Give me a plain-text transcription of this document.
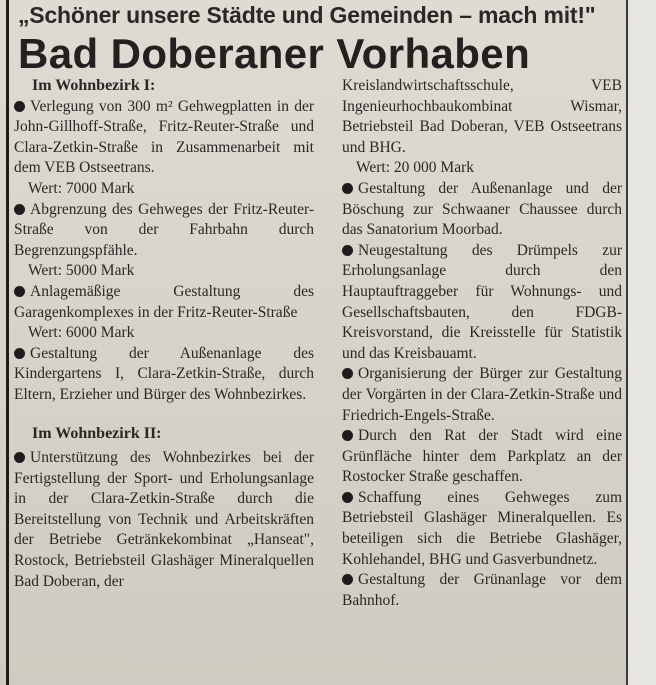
„Schöner unsere Städte und Gemeinden – mach mit!"
Bad Doberaner Vorhaben

Im Wohnbezirk I:

Verlegung von 300 m² Gehwegplatten in der John-Gillhoff-Straße, Fritz-Reuter-Straße und Clara-Zetkin-Straße in Zusammenarbeit mit dem VEB Ostseetrans.

Wert: 7000 Mark

Abgrenzung des Gehweges der Fritz-Reuter-Straße von der Fahrbahn durch Begrenzungspfähle.

Wert: 5000 Mark

Anlagemäßige Gestaltung des Garagenkomplexes in der Fritz-Reuter-Straße

Wert: 6000 Mark

Gestaltung der Außenanlage des Kindergartens I, Clara-Zetkin-Straße, durch Eltern, Erzieher und Bürger des Wohnbezirkes.

Im Wohnbezirk II:

Unterstützung des Wohnbezirkes bei der Fertigstellung der Sport- und Erholungsanlage in der Clara-Zetkin-Straße durch die Bereitstellung von Technik und Arbeitskräften der Betriebe Getränkekombinat „Hanseat", Rostock, Betriebsteil Glashäger Mineralquellen Bad Doberan, der

Kreislandwirtschaftsschule, VEB Ingenieurhochbaukombinat Wismar, Betriebsteil Bad Doberan, VEB Ostseetrans und BHG.

Wert: 20 000 Mark

Gestaltung der Außenanlage und der Böschung zur Schwaaner Chaussee durch das Sanatorium Moorbad.

Neugestaltung des Drümpels zur Erholungsanlage durch den Hauptauftraggeber für Wohnungs- und Gesellschaftsbauten, den FDGB-Kreisvorstand, die Kreisstelle für Statistik und das Kreisbauamt.

Organisierung der Bürger zur Gestaltung der Vorgärten in der Clara-Zetkin-Straße und Friedrich-Engels-Straße.

Durch den Rat der Stadt wird eine Grünfläche hinter dem Parkplatz an der Rostocker Straße geschaffen.

Schaffung eines Gehweges zum Betriebsteil Glashäger Mineralquellen. Es beteiligen sich die Betriebe Glashäger, Kohlehandel, BHG und Gasverbundnetz.

Gestaltung der Grünanlage vor dem Bahnhof.
